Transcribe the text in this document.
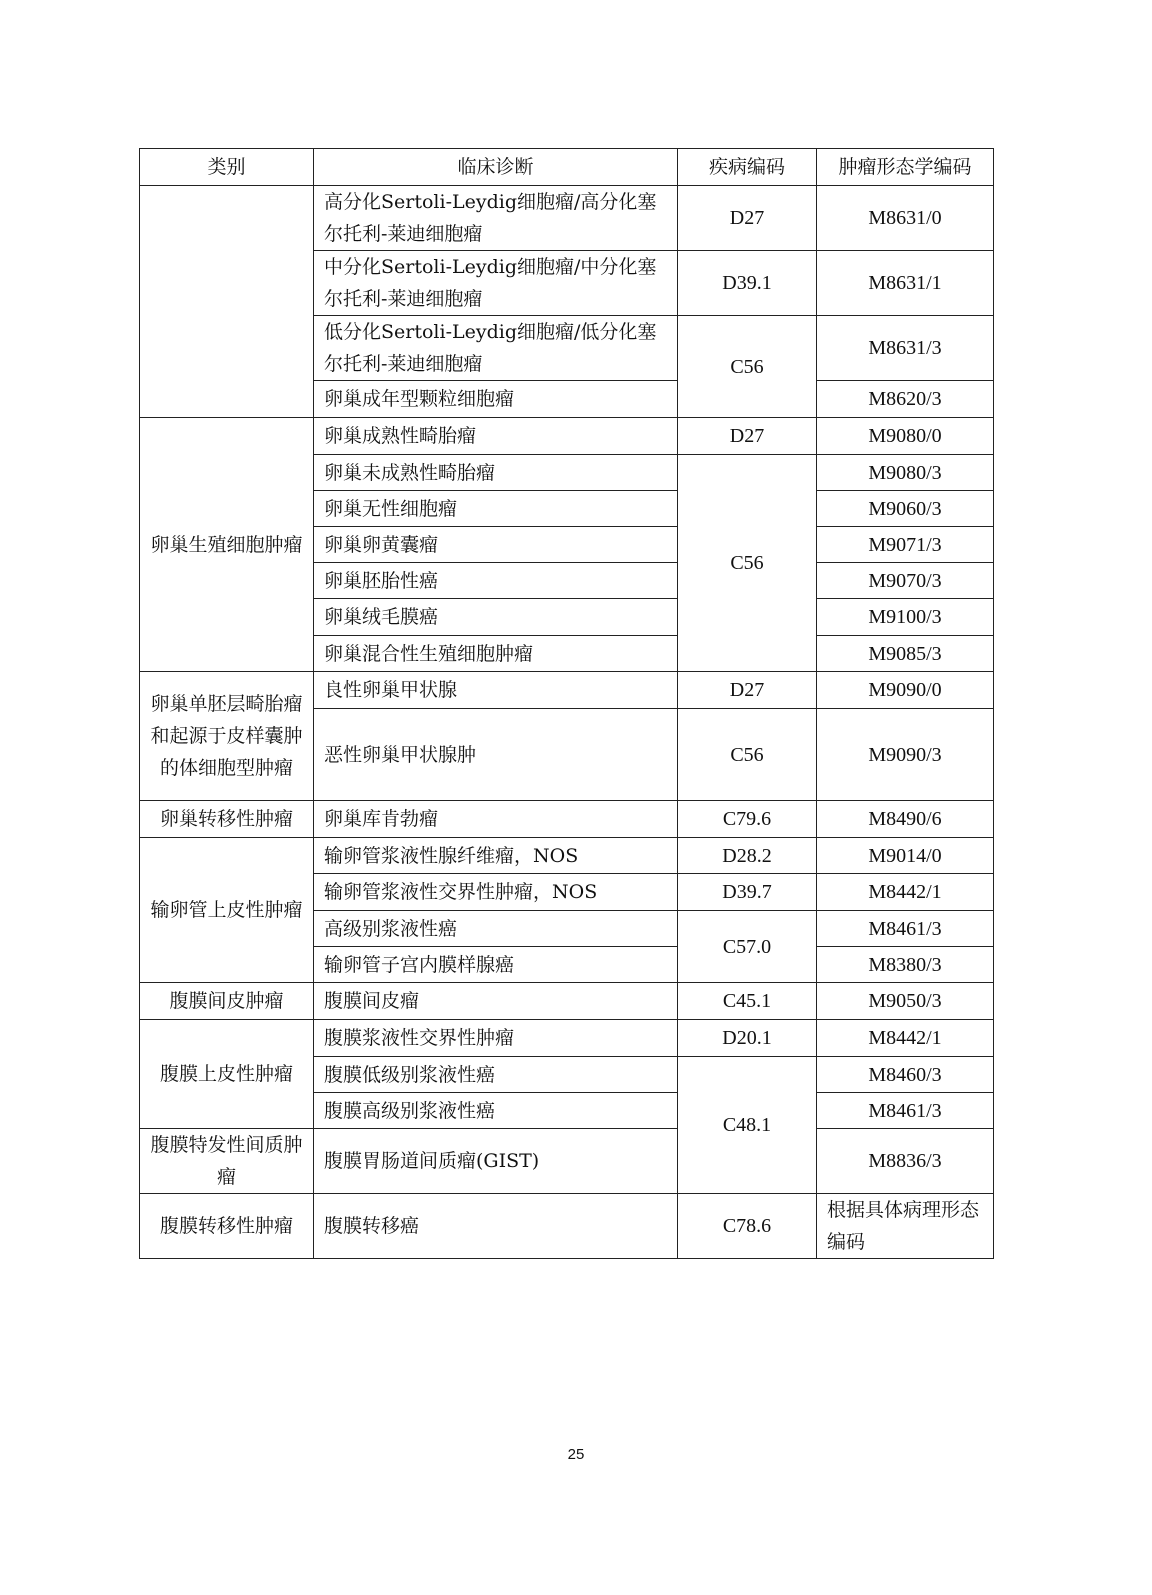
类别	临床诊断	疾病编码	肿瘤形态学编码
	高分化Sertoli-Leydig细胞瘤/高分化塞尔托利-莱迪细胞瘤	D27	M8631/0
	中分化Sertoli-Leydig细胞瘤/中分化塞尔托利-莱迪细胞瘤	D39.1	M8631/1
	低分化Sertoli-Leydig细胞瘤/低分化塞尔托利-莱迪细胞瘤	C56	M8631/3
	卵巢成年型颗粒细胞瘤		M8620/3
卵巢生殖细胞肿瘤	卵巢成熟性畸胎瘤	D27	M9080/0
	卵巢未成熟性畸胎瘤	C56	M9080/3
	卵巢无性细胞瘤		M9060/3
	卵巢卵黄囊瘤		M9071/3
	卵巢胚胎性癌		M9070/3
	卵巢绒毛膜癌		M9100/3
	卵巢混合性生殖细胞肿瘤		M9085/3
卵巢单胚层畸胎瘤和起源于皮样囊肿的体细胞型肿瘤	良性卵巢甲状腺	D27	M9090/0
	恶性卵巢甲状腺肿	C56	M9090/3
卵巢转移性肿瘤	卵巢库肯勃瘤	C79.6	M8490/6
输卵管上皮性肿瘤	输卵管浆液性腺纤维瘤，NOS	D28.2	M9014/0
	输卵管浆液性交界性肿瘤，NOS	D39.7	M8442/1
	高级别浆液性癌	C57.0	M8461/3
	输卵管子宫内膜样腺癌		M8380/3
腹膜间皮肿瘤	腹膜间皮瘤	C45.1	M9050/3
腹膜上皮性肿瘤	腹膜浆液性交界性肿瘤	D20.1	M8442/1
	腹膜低级别浆液性癌	C48.1	M8460/3
	腹膜高级别浆液性癌		M8461/3
腹膜特发性间质肿瘤	腹膜胃肠道间质瘤(GIST)		M8836/3
腹膜转移性肿瘤	腹膜转移癌	C78.6	根据具体病理形态编码
25
